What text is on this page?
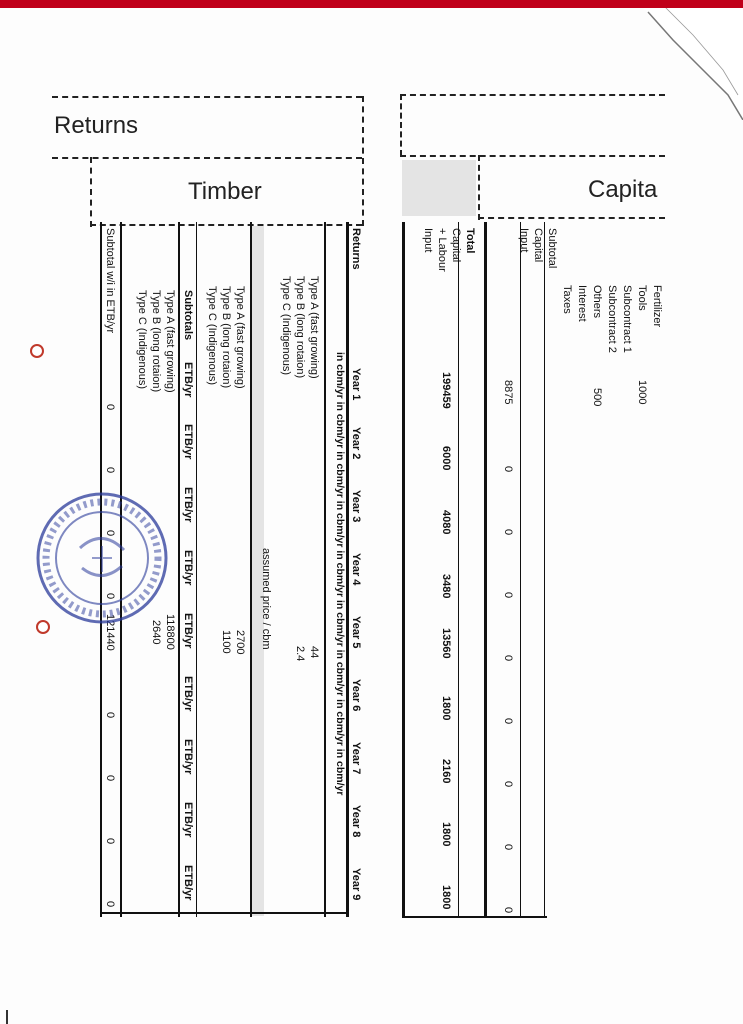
Returns
Timber	Capita
Fertilizer
Tools
Subcontract 1
Subcontract 2
Others
Interest
Taxes
1000
500
Subtotal
Capital
Input
8875
0
0
0
0
0
0
0
0
Total
Capital
+ Labour
Input
199459
6000
4080
3480
13560
1800
2160
1800
1800
Returns
Year 1
Year 2
Year 3
Year 4
Year 5
Year 6
Year 7
Year 8
Year 9
in cbm/yr in cbm/yr in cbm/yr in cbm/yr in cbm/yr in cbm/yr in cbm/yr in cbm/yr in cbm/yr
Type A (fast growing)
Type B (long rotaion)
Type C (Indigenous)
44
2.4
assumed price / cbm
Type A (fast growing)
Type B (long rotaion)
Type C (Indigenous)
2700
1100
Subtotals
ETB/yr
ETB/yr
ETB/yr
ETB/yr
ETB/yr
ETB/yr
ETB/yr
ETB/yr
ETB/yr
Type A (fast growing)
Type B (long rotaion)
Type C (Indigenous)
118800
2640
Subtotal w/i in ETB/yr
0
0
0
0
121440
0
0
0
0
